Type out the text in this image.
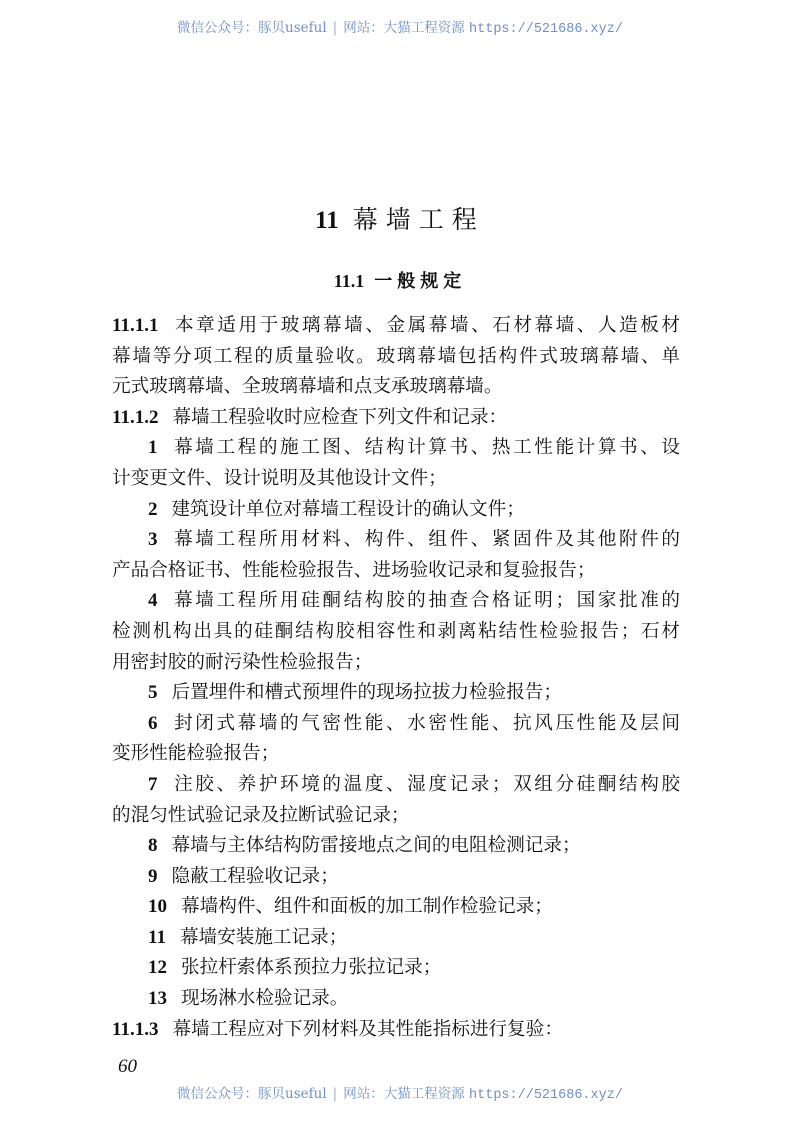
微信公众号：豚贝useful | 网站：大猫工程资源 https://521686.xyz/
11 幕墙工程
11.1 一般规定
11.1.1 本章适用于玻璃幕墙、金属幕墙、石材幕墙、人造板材
幕墙等分项工程的质量验收。玻璃幕墙包括构件式玻璃幕墙、单
元式玻璃幕墙、全玻璃幕墙和点支承玻璃幕墙。
11.1.2 幕墙工程验收时应检查下列文件和记录：
1 幕墙工程的施工图、结构计算书、热工性能计算书、设
计变更文件、设计说明及其他设计文件；
2 建筑设计单位对幕墙工程设计的确认文件；
3 幕墙工程所用材料、构件、组件、紧固件及其他附件的
产品合格证书、性能检验报告、进场验收记录和复验报告；
4 幕墙工程所用硅酮结构胶的抽查合格证明；国家批准的
检测机构出具的硅酮结构胶相容性和剥离粘结性检验报告；石材
用密封胶的耐污染性检验报告；
5 后置埋件和槽式预埋件的现场拉拔力检验报告；
6 封闭式幕墙的气密性能、水密性能、抗风压性能及层间
变形性能检验报告；
7 注胶、养护环境的温度、湿度记录；双组分硅酮结构胶
的混匀性试验记录及拉断试验记录；
8 幕墙与主体结构防雷接地点之间的电阻检测记录；
9 隐蔽工程验收记录；
10 幕墙构件、组件和面板的加工制作检验记录；
11 幕墙安装施工记录；
12 张拉杆索体系预拉力张拉记录；
13 现场淋水检验记录。
11.1.3 幕墙工程应对下列材料及其性能指标进行复验：
60
微信公众号：豚贝useful | 网站：大猫工程资源 https://521686.xyz/
